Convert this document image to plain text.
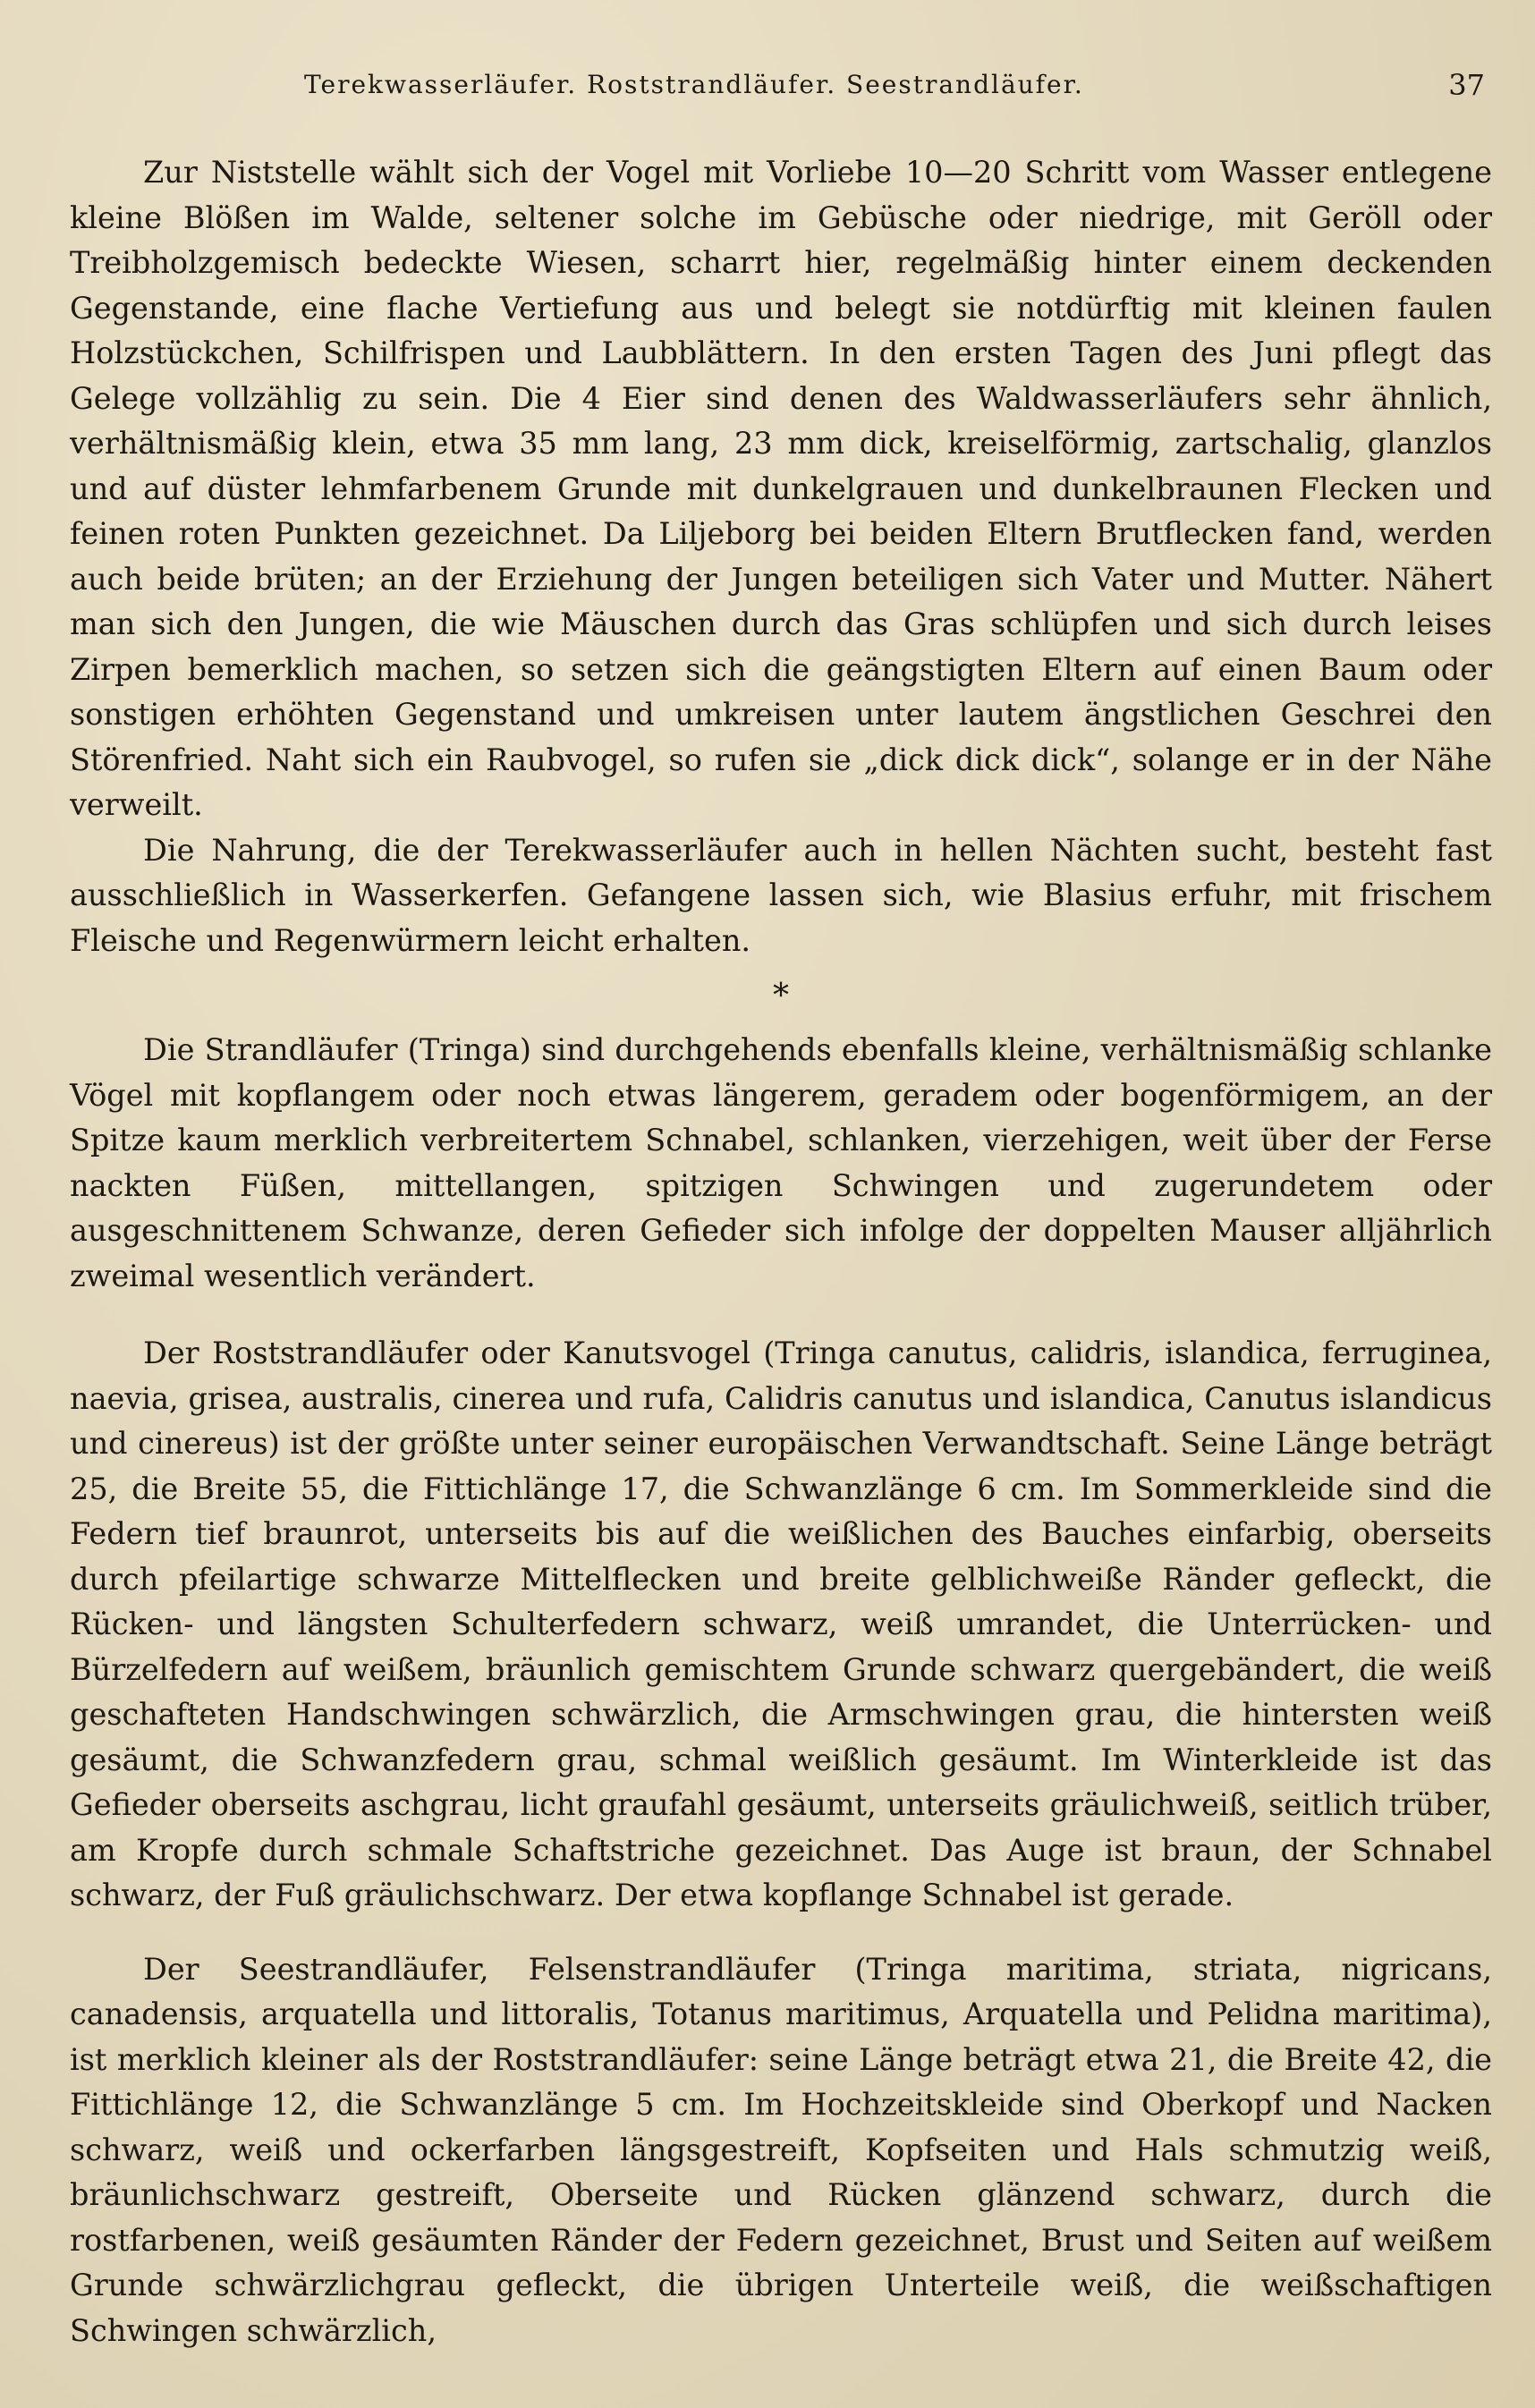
Terekwasserläufer. Roststrandläufer. Seestrandläufer.	37

Zur Niststelle wählt sich der Vogel mit Vorliebe 10—20 Schritt vom Wasser entlegene kleine Blößen im Walde, seltener solche im Gebüsche oder niedrige, mit Geröll oder Treibholzgemisch bedeckte Wiesen, scharrt hier, regelmäßig hinter einem deckenden Gegenstande, eine flache Vertiefung aus und belegt sie notdürftig mit kleinen faulen Holzstückchen, Schilfrispen und Laubblättern. In den ersten Tagen des Juni pflegt das Gelege vollzählig zu sein. Die 4 Eier sind denen des Waldwasserläufers sehr ähnlich, verhältnismäßig klein, etwa 35 mm lang, 23 mm dick, kreiselförmig, zartschalig, glanzlos und auf düster lehmfarbenem Grunde mit dunkelgrauen und dunkelbraunen Flecken und feinen roten Punkten gezeichnet. Da Liljeborg bei beiden Eltern Brutflecken fand, werden auch beide brüten; an der Erziehung der Jungen beteiligen sich Vater und Mutter. Nähert man sich den Jungen, die wie Mäuschen durch das Gras schlüpfen und sich durch leises Zirpen bemerklich machen, so setzen sich die geängstigten Eltern auf einen Baum oder sonstigen erhöhten Gegenstand und umkreisen unter lautem ängstlichen Geschrei den Störenfried. Naht sich ein Raubvogel, so rufen sie „dick dick dick“, solange er in der Nähe verweilt.

Die Nahrung, die der Terekwasserläufer auch in hellen Nächten sucht, besteht fast ausschließlich in Wasserkerfen. Gefangene lassen sich, wie Blasius erfuhr, mit frischem Fleische und Regenwürmern leicht erhalten.

*

Die Strandläufer (Tringa) sind durchgehends ebenfalls kleine, verhältnismäßig schlanke Vögel mit kopflangem oder noch etwas längerem, geradem oder bogenförmigem, an der Spitze kaum merklich verbreitertem Schnabel, schlanken, vierzehigen, weit über der Ferse nackten Füßen, mittellangen, spitzigen Schwingen und zugerundetem oder ausgeschnittenem Schwanze, deren Gefieder sich infolge der doppelten Mauser alljährlich zweimal wesentlich verändert.

Der Roststrandläufer oder Kanutsvogel (Tringa canutus, calidris, islandica, ferruginea, naevia, grisea, australis, cinerea und rufa, Calidris canutus und islandica, Canutus islandicus und cinereus) ist der größte unter seiner europäischen Verwandtschaft. Seine Länge beträgt 25, die Breite 55, die Fittichlänge 17, die Schwanzlänge 6 cm. Im Sommerkleide sind die Federn tief braunrot, unterseits bis auf die weißlichen des Bauches einfarbig, oberseits durch pfeilartige schwarze Mittelflecken und breite gelblichweiße Ränder gefleckt, die Rücken- und längsten Schulterfedern schwarz, weiß umrandet, die Unterrücken- und Bürzelfedern auf weißem, bräunlich gemischtem Grunde schwarz quergebändert, die weiß geschafteten Handschwingen schwärzlich, die Armschwingen grau, die hintersten weiß gesäumt, die Schwanzfedern grau, schmal weißlich gesäumt. Im Winterkleide ist das Gefieder oberseits aschgrau, licht graufahl gesäumt, unterseits gräulichweiß, seitlich trüber, am Kropfe durch schmale Schaftstriche gezeichnet. Das Auge ist braun, der Schnabel schwarz, der Fuß gräulichschwarz. Der etwa kopflange Schnabel ist gerade.

Der Seestrandläufer, Felsenstrandläufer (Tringa maritima, striata, nigricans, canadensis, arquatella und littoralis, Totanus maritimus, Arquatella und Pelidna maritima), ist merklich kleiner als der Roststrandläufer: seine Länge beträgt etwa 21, die Breite 42, die Fittichlänge 12, die Schwanzlänge 5 cm. Im Hochzeitskleide sind Oberkopf und Nacken schwarz, weiß und ockerfarben längsgestreift, Kopfseiten und Hals schmutzig weiß, bräunlichschwarz gestreift, Oberseite und Rücken glänzend schwarz, durch die rostfarbenen, weiß gesäumten Ränder der Federn gezeichnet, Brust und Seiten auf weißem Grunde schwärzlichgrau gefleckt, die übrigen Unterteile weiß, die weißschaftigen Schwingen schwärzlich,
